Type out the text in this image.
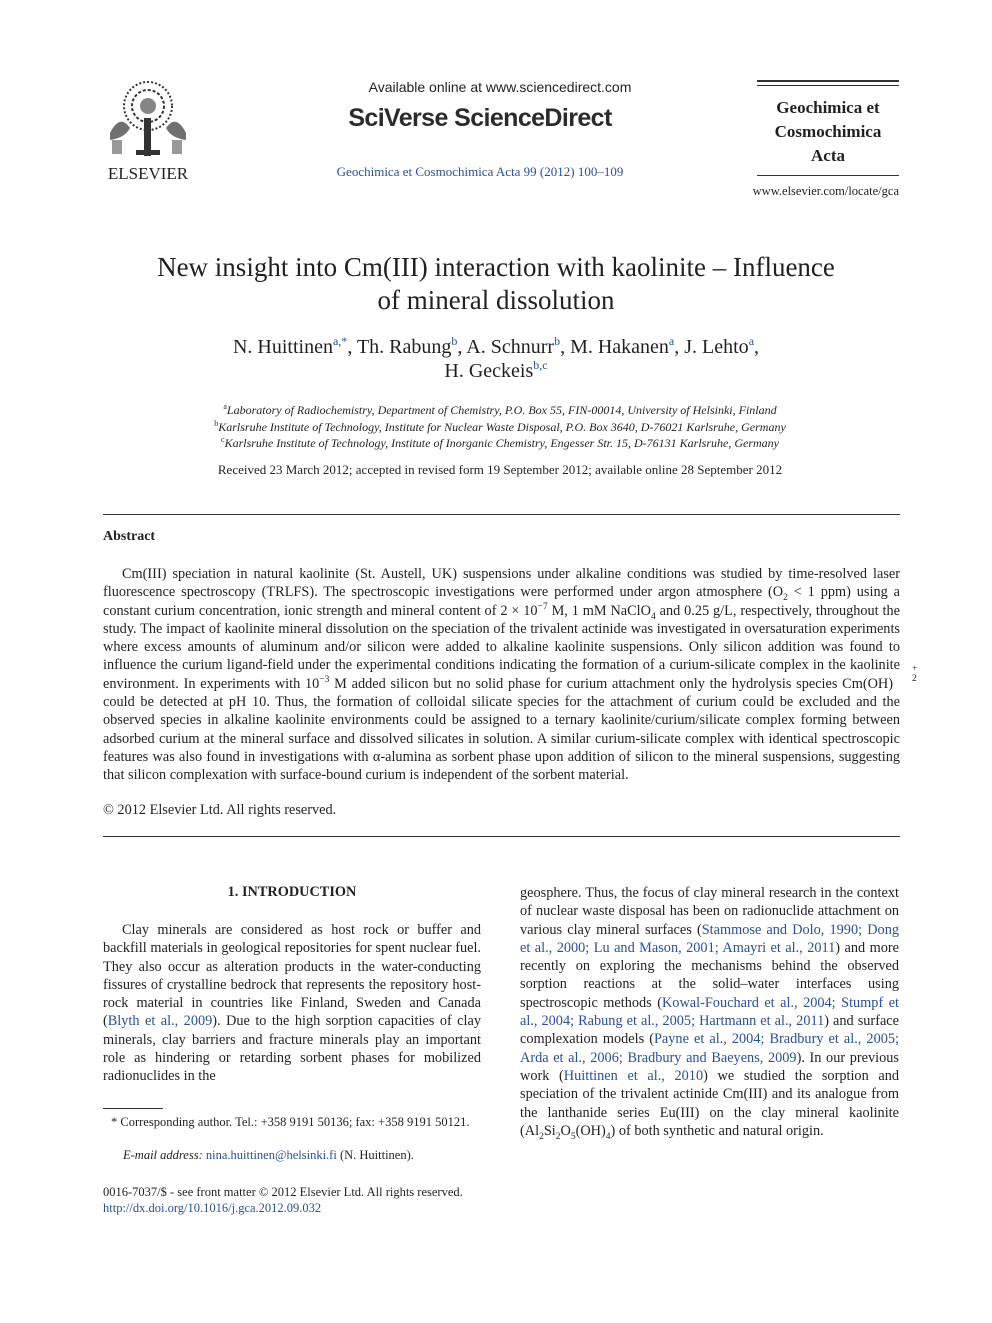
ELSEVIER
Available online at www.sciencedirect.com
SciVerse ScienceDirect
Geochimica et Cosmochimica Acta 99 (2012) 100–109
Geochimica et
Cosmochimica
Acta
www.elsevier.com/locate/gca
New insight into Cm(III) interaction with kaolinite – Influence
of mineral dissolution
N. Huittinen$^{a,*}$, Th. Rabung$^b$, A. Schnurr$^b$, M. Hakanen$^a$, J. Lehto$^a$,
H. Geckeis$^{b,c}$
$^a$Laboratory of Radiochemistry, Department of Chemistry, P.O. Box 55, FIN-00014, University of Helsinki, Finland
$^b$Karlsruhe Institute of Technology, Institute for Nuclear Waste Disposal, P.O. Box 3640, D-76021 Karlsruhe, Germany
$^c$Karlsruhe Institute of Technology, Institute of Inorganic Chemistry, Engesser Str. 15, D-76131 Karlsruhe, Germany
Received 23 March 2012; accepted in revised form 19 September 2012; available online 28 September 2012
Abstract
Cm(III) speciation in natural kaolinite (St. Austell, UK) suspensions under alkaline conditions was studied by time-resolved laser fluorescence spectroscopy (TRLFS). The spectroscopic investigations were performed under argon atmosphere ($O_2 < 1$ ppm) using a constant curium concentration, ionic strength and mineral content of $2 \times 10^{-7}$ M, 1 mM NaClO$_4$ and 0.25 g/L, respectively, throughout the study. The impact of kaolinite mineral dissolution on the speciation of the trivalent actinide was investigated in oversaturation experiments where excess amounts of aluminum and/or silicon were added to alkaline kaolinite suspensions. Only silicon addition was found to influence the curium ligand-field under the experimental conditions indicating the formation of a curium-silicate complex in the kaolinite environment. In experiments with $10^{-3}$ M added silicon but no solid phase for curium attachment only the hydrolysis species Cm(OH)
+
2
could be detected at pH 10. Thus, the formation of colloidal silicate species for the attachment of curium could be excluded and the observed species in alkaline kaolinite environments could be assigned to a ternary kaolinite/curium/silicate complex forming between adsorbed curium at the mineral surface and dissolved silicates in solution. A similar curium-silicate complex with identical spectroscopic features was also found in investigations with α-alumina as sorbent phase upon addition of silicon to the mineral suspensions, suggesting that silicon complexation with surface-bound curium is independent of the sorbent material.
© 2012 Elsevier Ltd. All rights reserved.
1. INTRODUCTION
Clay minerals are considered as host rock or buffer and backfill materials in geological repositories for spent nuclear fuel. They also occur as alteration products in the water-conducting fissures of crystalline bedrock that represents the repository host-rock material in countries like Finland, Sweden and Canada (Blyth et al., 2009). Due to the high sorption capacities of clay minerals, clay barriers and fracture minerals play an important role as hindering or retarding sorbent phases for mobilized radionuclides in the
geosphere. Thus, the focus of clay mineral research in the context of nuclear waste disposal has been on radionuclide attachment on various clay mineral surfaces (Stammose and Dolo, 1990; Dong et al., 2000; Lu and Mason, 2001; Amayri et al., 2011) and more recently on exploring the mechanisms behind the observed sorption reactions at the solid–water interfaces using spectroscopic methods (Kowal-Fouchard et al., 2004; Stumpf et al., 2004; Rabung et al., 2005; Hartmann et al., 2011) and surface complexation models (Payne et al., 2004; Bradbury et al., 2005; Arda et al., 2006; Bradbury and Baeyens, 2009). In our previous work (Huittinen et al., 2010) we studied the sorption and speciation of the trivalent actinide Cm(III) and its analogue from the lanthanide series Eu(III) on the clay mineral kaolinite $(Al_2Si_2O_5(OH)_4)$ of both synthetic and natural origin.
* Corresponding author. Tel.: +358 9191 50136; fax: +358 9191 50121.
E-mail address: nina.huittinen@helsinki.fi (N. Huittinen).
0016-7037/$ - see front matter © 2012 Elsevier Ltd. All rights reserved.
http://dx.doi.org/10.1016/j.gca.2012.09.032
